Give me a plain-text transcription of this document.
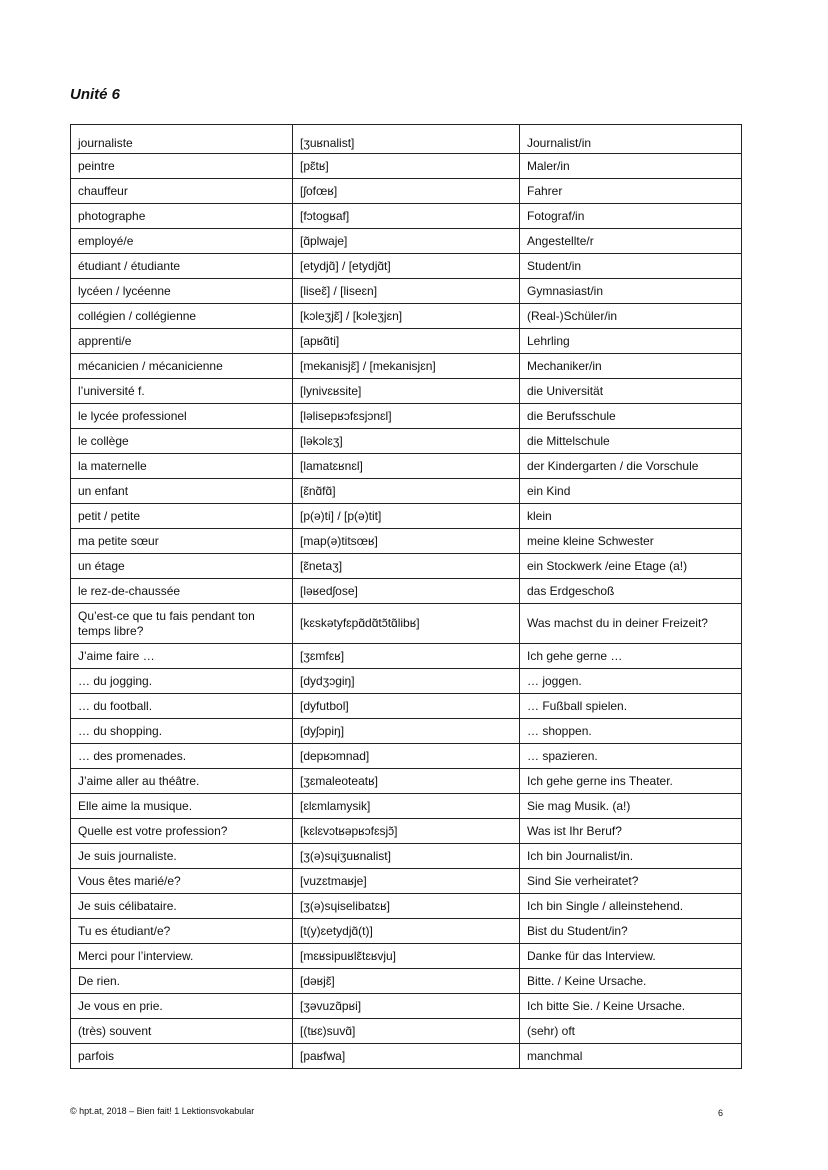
Unité 6
journaliste	[ʒuʁnalist]	Journalist/in
peintre	[pɛ̃tʁ]	Maler/in
chauffeur	[ʃofœʁ]	Fahrer
photographe	[fɔtogʁaf]	Fotograf/in
employé/e	[ɑ̃plwaje]	Angestellte/r
étudiant / étudiante	[etydjɑ̃] / [etydjɑ̃t]	Student/in
lycéen / lycéenne	[liseɛ̃] / [liseɛn]	Gymnasiast/in
collégien / collégienne	[kɔleʒjɛ̃] / [kɔleʒjɛn]	(Real-)Schüler/in
apprenti/e	[apʁɑ̃ti]	Lehrling
mécanicien / mécanicienne	[mekanisjɛ̃] / [mekanisjɛn]	Mechaniker/in
l’université f.	[lynivɛʁsite]	die Universität
le lycée professionel	[ləlisepʁɔfɛsjɔnɛl]	die Berufsschule
le collège	[ləkɔlɛʒ]	die Mittelschule
la maternelle	[lamatɛʁnɛl]	der Kindergarten / die Vorschule
un enfant	[ɛ̃nɑ̃fɑ̃]	ein Kind
petit / petite	[p(ə)ti] / [p(ə)tit]	klein
ma petite sœur	[map(ə)titsœʁ]	meine kleine Schwester
un étage	[ɛ̃netaʒ]	ein Stockwerk /eine Etage (a!)
le rez-de-chaussée	[ləʁedʃose]	das Erdgeschoß
Qu’est-ce que tu fais pendant ton temps libre?	[kɛskətyfɛpɑ̃dɑ̃tɔ̃tɑ̃libʁ]	Was machst du in deiner Freizeit?
J’aime faire …	[ʒɛmfɛʁ]	Ich gehe gerne …
… du jogging.	[dydʒɔgiŋ]	… joggen.
… du football.	[dyfutbol]	… Fußball spielen.
… du shopping.	[dyʃɔpiŋ]	… shoppen.
… des promenades.	[depʁɔmnad]	… spazieren.
J’aime aller au théâtre.	[ʒɛmaleoteatʁ]	Ich gehe gerne ins Theater.
Elle aime la musique.	[ɛlɛmlamysik]	Sie mag Musik. (a!)
Quelle est votre profession?	[kɛlɛvɔtʁəpʁɔfɛsjɔ̃]	Was ist Ihr Beruf?
Je suis journaliste.	[ʒ(ə)sɥiʒuʁnalist]	Ich bin Journalist/in.
Vous êtes marié/e?	[vuzɛtmaʁje]	Sind Sie verheiratet?
Je suis célibataire.	[ʒ(ə)sɥiselibatɛʁ]	Ich bin Single / alleinstehend.
Tu es étudiant/e?	[t(y)ɛetydjɑ̃(t)]	Bist du Student/in?
Merci pour l’interview.	[mɛʁsipuʁlɛ̃tɛʁvju]	Danke für das Interview.
De rien.	[dəʁjɛ̃]	Bitte. / Keine Ursache.
Je vous en prie.	[ʒəvuzɑ̃pʁi]	Ich bitte Sie. / Keine Ursache.
(très) souvent	[(tʁɛ)suvɑ̃]	(sehr) oft
parfois	[paʁfwa]	manchmal
© hpt.at, 2018 – Bien fait! 1 Lektionsvokabular	6
